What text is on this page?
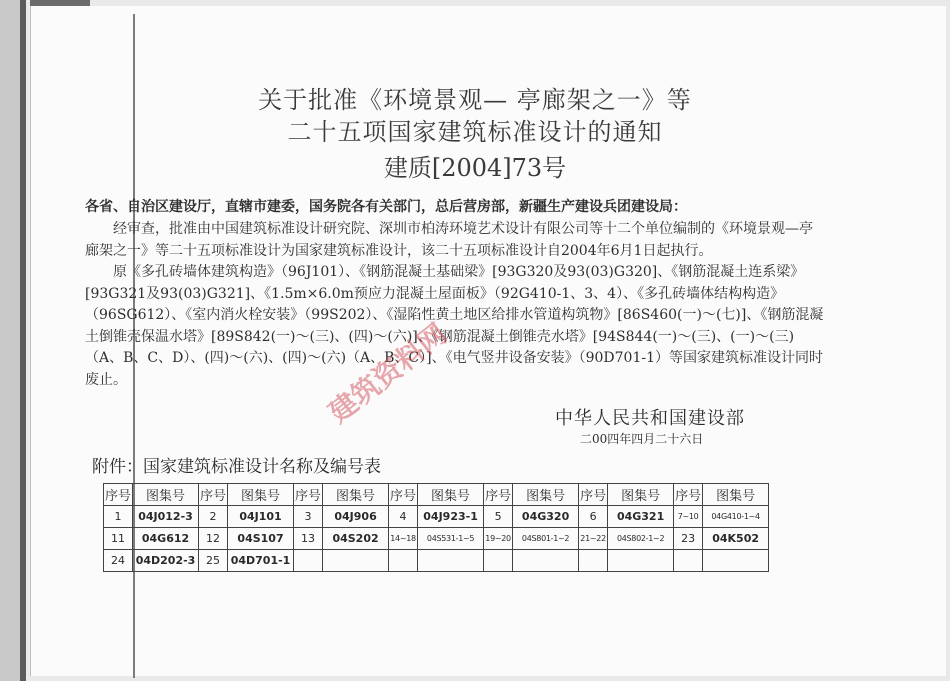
关于批准《环境景观— 亭廊架之一》等
二十五项国家建筑标准设计的通知
建质[2004]73号
各省、自治区建设厅，直辖市建委，国务院各有关部门，总后营房部，新疆生产建设兵团建设局：
经审查，批准由中国建筑标准设计研究院、深圳市柏涛环境艺术设计有限公司等十二个单位编制的《环境景观—亭廊架之一》等二十五项标准设计为国家建筑标准设计，该二十五项标准设计自2004年6月1日起执行。
原《多孔砖墙体建筑构造》（96J101）、《钢筋混凝土基础梁》[93G320及93(03)G320]、《钢筋混凝土连系梁》[93G321及93(03)G321]、《1.5m×6.0m预应力混凝土屋面板》（92G410-1、3、4）、《多孔砖墙体结构构造》（96SG612）、《室内消火栓安装》（99S202）、《湿陷性黄土地区给排水管道构筑物》[86S460(一)～(七)]、《钢筋混凝土倒锥壳保温水塔》[89S842(一)～(三)、(四)～(六)]、《钢筋混凝土倒锥壳水塔》[94S844(一)～(三)、(一)～(三)（A、B、C、D）、(四)～(六)、(四)～(六)（A、B、C）]、《电气竖井设备安装》（90D701-1）等国家建筑标准设计同时废止。
中华人民共和国建设部
二00四年四月二十六日
附件：国家建筑标准设计名称及编号表
序号	图集号	序号	图集号	序号	图集号	序号	图集号	序号	图集号	序号	图集号	序号	图集号
1	04J012-3	2	04J101	3	04J906	4	04J923-1	5	04G320	6	04G321	7~10	04G410-1~4
11	04G612	12	04S107	13	04S202	14~18	04S531-1~5	19~20	04S801-1~2	21~22	04S802-1~2	23	04K502
24	04D202-3	25	04D701-1										
建筑资料网
